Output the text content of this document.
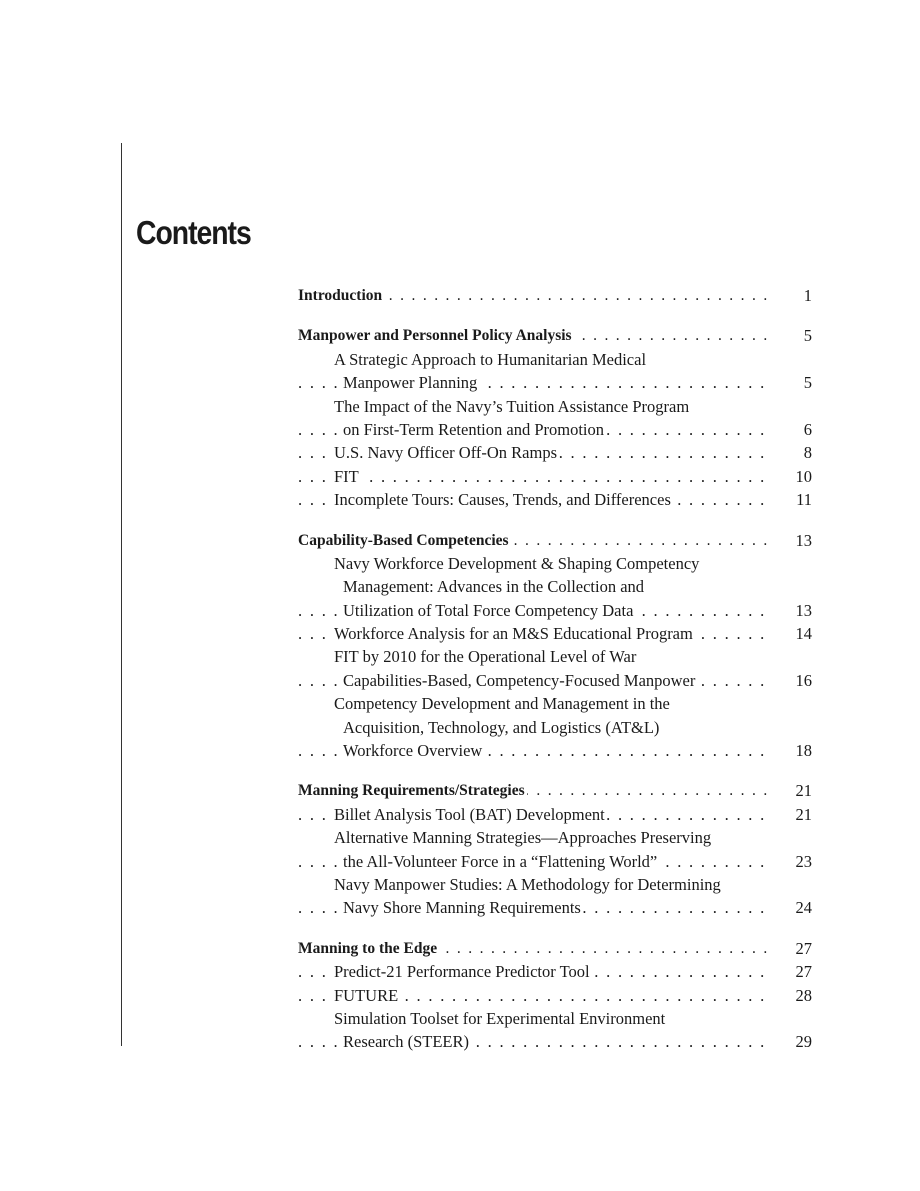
Contents
Introduction . . .	1
Manpower and Personnel Policy Analysis . . .	5
A Strategic Approach to Humanitarian Medical
Manpower Planning . . .	5
The Impact of the Navy’s Tuition Assistance Program
on First-Term Retention and Promotion . . .	6
U.S. Navy Officer Off-On Ramps . . .	8
FIT . . .	10
Incomplete Tours: Causes, Trends, and Differences . . .	11
Capability-Based Competencies . . .	13
Navy Workforce Development & Shaping Competency
Management: Advances in the Collection and
Utilization of Total Force Competency Data . . .	13
Workforce Analysis for an M&S Educational Program . . .	14
FIT by 2010 for the Operational Level of War
Capabilities-Based, Competency-Focused Manpower . . .	16
Competency Development and Management in the
Acquisition, Technology, and Logistics (AT&L)
Workforce Overview . . .	18
Manning Requirements/Strategies . . .	21
Billet Analysis Tool (BAT) Development . . .	21
Alternative Manning Strategies—Approaches Preserving
the All-Volunteer Force in a “Flattening World” . . .	23
Navy Manpower Studies: A Methodology for Determining
Navy Shore Manning Requirements . . .	24
Manning to the Edge . . .	27
Predict-21 Performance Predictor Tool . . .	27
FUTURE . . .	28
Simulation Toolset for Experimental Environment
Research (STEER) . . .	29
